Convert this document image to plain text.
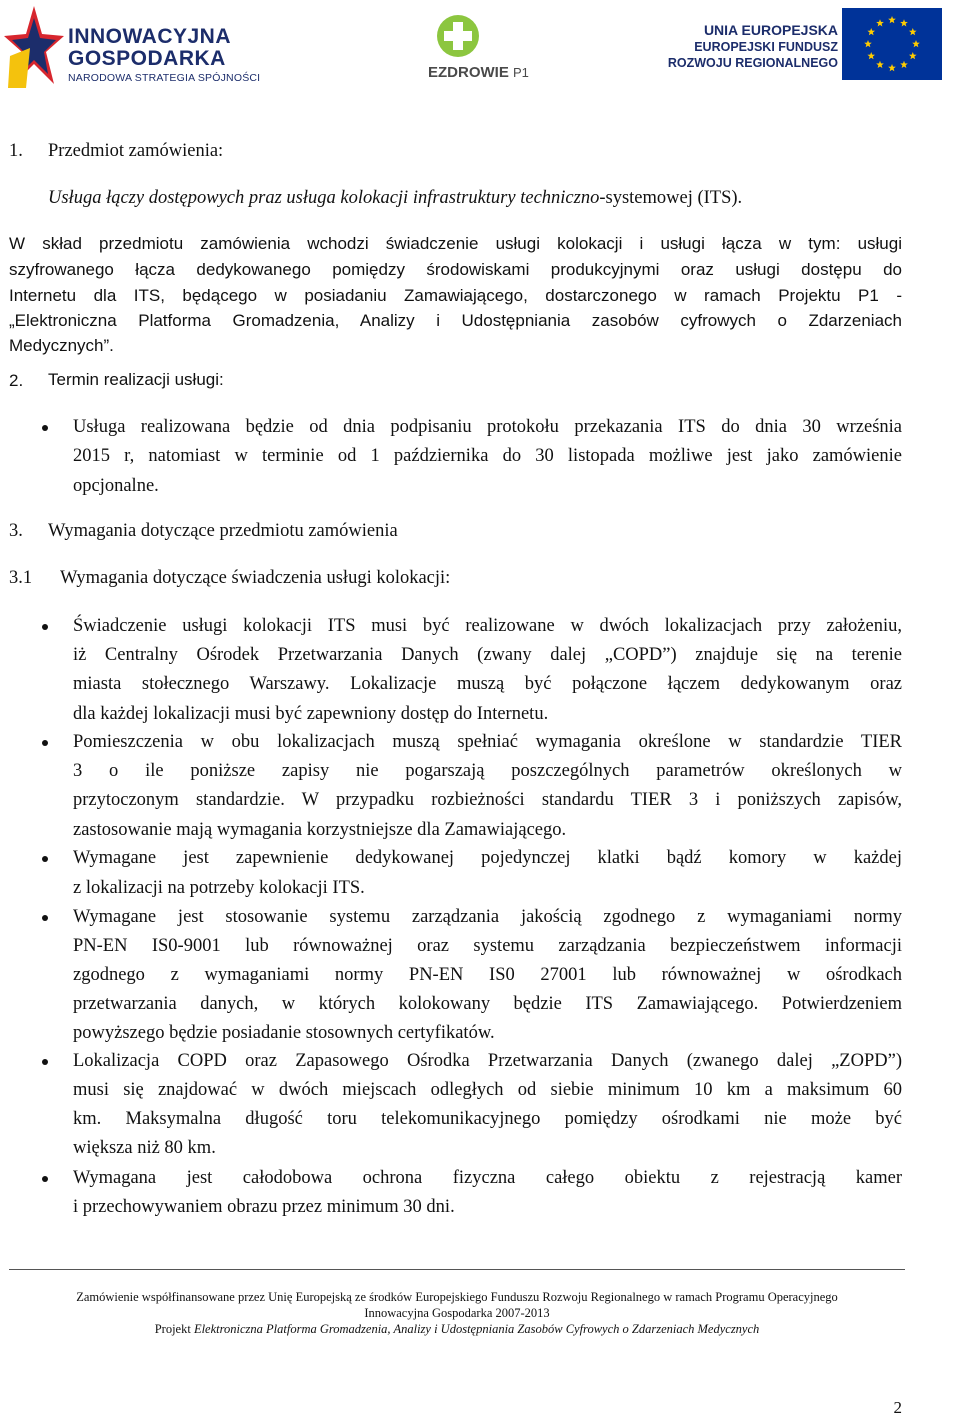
INNOWACYJNA
GOSPODARKA
NARODOWA STRATEGIA SPÓJNOŚCI	EZDROWIE P1
UNIA EUROPEJSKA
EUROPEJSKI FUNDUSZ
ROZWOJU REGIONALNEGO
1. Przedmiot zamówienia:
Usługa łączy dostępowych praz usługa kolokacji infrastruktury techniczno-systemowej (ITS).
W skład przedmiotu zamówienia wchodzi świadczenie usługi kolokacji i usługi łącza w tym: usługi
szyfrowanego łącza dedykowanego pomiędzy środowiskami produkcyjnymi oraz usługi dostępu do
Internetu dla ITS, będącego w posiadaniu Zamawiającego, dostarczonego w ramach Projektu P1 -
„Elektroniczna Platforma Gromadzenia, Analizy i Udostępniania zasobów cyfrowych o Zdarzeniach
Medycznych”.
2. Termin realizacji usługi:
Usługa realizowana będzie od dnia podpisaniu protokołu przekazania ITS do dnia 30 września
2015 r, natomiast w terminie od 1 października do 30 listopada możliwe jest jako zamówienie
opcjonalne.
3. Wymagania dotyczące przedmiotu zamówienia
3.1 Wymagania dotyczące świadczenia usługi kolokacji:
Świadczenie usługi kolokacji ITS musi być realizowane w dwóch lokalizacjach przy założeniu,
iż Centralny Ośrodek Przetwarzania Danych (zwany dalej „COPD”) znajduje się na terenie
miasta stołecznego Warszawy. Lokalizacje muszą być połączone łączem dedykowanym oraz
dla każdej lokalizacji musi być zapewniony dostęp do Internetu.
Pomieszczenia w obu lokalizacjach muszą spełniać wymagania określone w standardzie TIER
3 o ile poniższe zapisy nie pogarszają poszczególnych parametrów określonych w
przytoczonym standardzie. W przypadku rozbieżności standardu TIER 3 i poniższych zapisów,
zastosowanie mają wymagania korzystniejsze dla Zamawiającego.
Wymagane jest zapewnienie dedykowanej pojedynczej klatki bądź komory w każdej
z lokalizacji na potrzeby kolokacji ITS.
Wymagane jest stosowanie systemu zarządzania jakością zgodnego z wymaganiami normy
PN-EN IS0-9001 lub równoważnej oraz systemu zarządzania bezpieczeństwem informacji
zgodnego z wymaganiami normy PN-EN IS0 27001 lub równoważnej w ośrodkach
przetwarzania danych, w których kolokowany będzie ITS Zamawiającego. Potwierdzeniem
powyższego będzie posiadanie stosownych certyfikatów.
Lokalizacja COPD oraz Zapasowego Ośrodka Przetwarzania Danych (zwanego dalej „ZOPD”)
musi się znajdować w dwóch miejscach odległych od siebie minimum 10 km a maksimum 60
km. Maksymalna długość toru telekomunikacyjnego pomiędzy ośrodkami nie może być
większa niż 80 km.
Wymagana jest całodobowa ochrona fizyczna całego obiektu z rejestracją kamer
i przechowywaniem obrazu przez minimum 30 dni.
Zamówienie współfinansowane przez Unię Europejską ze środków Europejskiego Funduszu Rozwoju Regionalnego w ramach Programu Operacyjnego
Innowacyjna Gospodarka 2007-2013
Projekt Elektroniczna Platforma Gromadzenia, Analizy i Udostępniania Zasobów Cyfrowych o Zdarzeniach Medycznych
2
